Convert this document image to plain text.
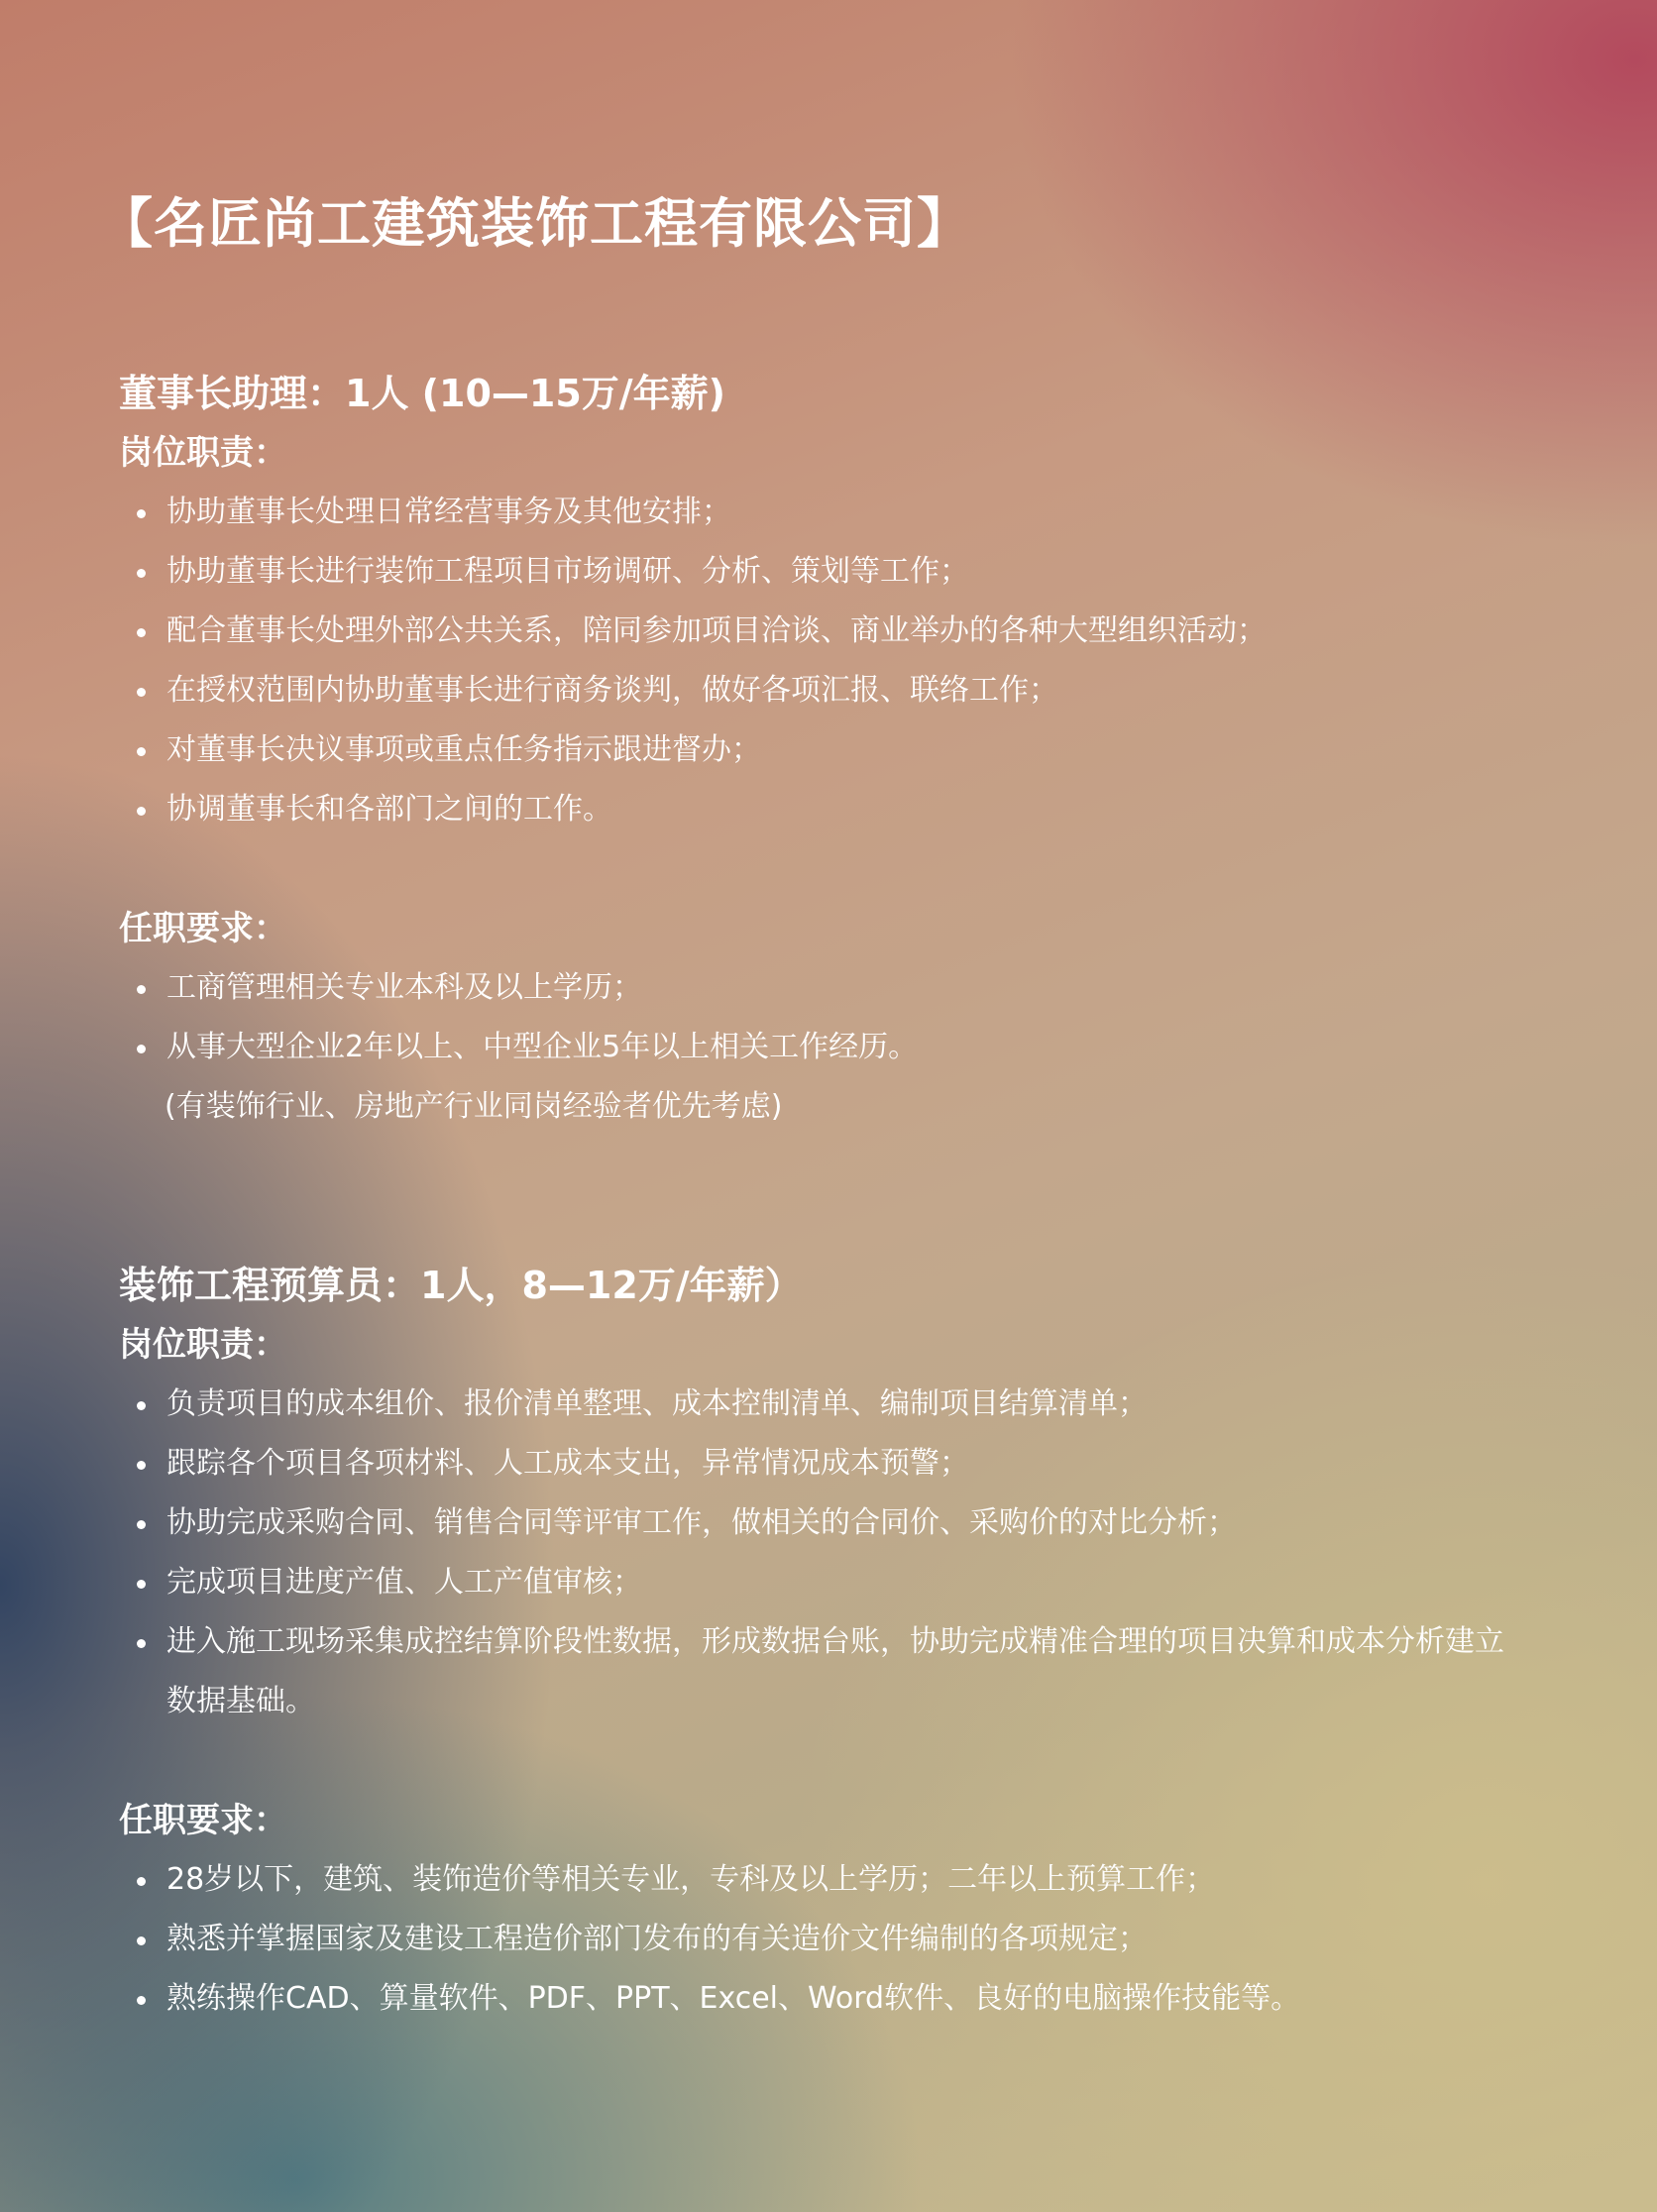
【名匠尚工建筑装饰工程有限公司】
董事长助理：1人 (10—15万/年薪)
岗位职责：
协助董事长处理日常经营事务及其他安排；
协助董事长进行装饰工程项目市场调研、分析、策划等工作；
配合董事长处理外部公共关系，陪同参加项目洽谈、商业举办的各种大型组织活动；
在授权范围内协助董事长进行商务谈判，做好各项汇报、联络工作；
对董事长决议事项或重点任务指示跟进督办；
协调董事长和各部门之间的工作。
任职要求：
工商管理相关专业本科及以上学历；
从事大型企业2年以上、中型企业5年以上相关工作经历。

(有装饰行业、房地产行业同岗经验者优先考虑)

装饰工程预算员：1人，8—12万/年薪）
岗位职责：
负责项目的成本组价、报价清单整理、成本控制清单、编制项目结算清单；
跟踪各个项目各项材料、人工成本支出，异常情况成本预警；
协助完成采购合同、销售合同等评审工作，做相关的合同价、采购价的对比分析；
完成项目进度产值、人工产值审核；
进入施工现场采集成控结算阶段性数据，形成数据台账，协助完成精准合理的项目决算和成本分析建立数据基础。
任职要求：
28岁以下，建筑、装饰造价等相关专业，专科及以上学历；二年以上预算工作；
熟悉并掌握国家及建设工程造价部门发布的有关造价文件编制的各项规定；
熟练操作CAD、算量软件、PDF、PPT、Excel、Word软件、良好的电脑操作技能等。
